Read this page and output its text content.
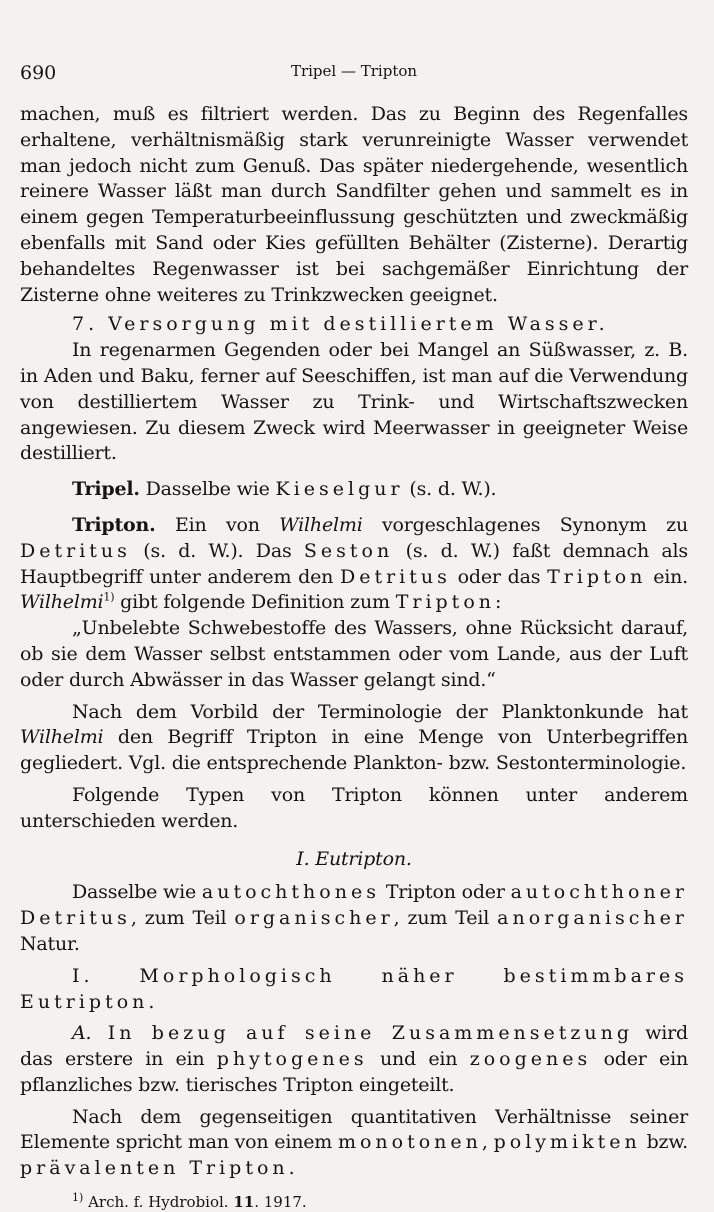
690	Tripel — Tripton

machen, muß es filtriert werden. Das zu Beginn des Regenfalles erhaltene, verhältnismäßig stark verunreinigte Wasser verwendet man jedoch nicht zum Genuß. Das später niedergehende, wesentlich reinere Wasser läßt man durch Sandfilter gehen und sammelt es in einem gegen Temperaturbeeinflussung geschützten und zweckmäßig ebenfalls mit Sand oder Kies gefüllten Behälter (Zisterne). Derartig behandeltes Regenwasser ist bei sachgemäßer Einrichtung der Zisterne ohne weiteres zu Trinkzwecken geeignet.

7. Versorgung mit destilliertem Wasser.

In regenarmen Gegenden oder bei Mangel an Süßwasser, z. B. in Aden und Baku, ferner auf Seeschiffen, ist man auf die Verwendung von destilliertem Wasser zu Trink- und Wirtschaftszwecken angewiesen. Zu diesem Zweck wird Meerwasser in geeigneter Weise destilliert.

Tripel. Dasselbe wie Kieselgur (s. d. W.).

Tripton. Ein von Wilhelmi vorgeschlagenes Synonym zu Detritus (s. d. W.). Das Seston (s. d. W.) faßt demnach als Hauptbegriff unter anderem den Detritus oder das Tripton ein. Wilhelmi$^{1)}$ gibt folgende Definition zum Tripton:

„Unbelebte Schwebestoffe des Wassers, ohne Rücksicht darauf, ob sie dem Wasser selbst entstammen oder vom Lande, aus der Luft oder durch Abwässer in das Wasser gelangt sind.“

Nach dem Vorbild der Terminologie der Planktonkunde hat Wilhelmi den Begriff Tripton in eine Menge von Unterbegriffen gegliedert. Vgl. die entsprechende Plankton- bzw. Sestonterminologie.

Folgende Typen von Tripton können unter anderem unterschieden werden.

I. Eutripton.

Dasselbe wie autochthones Tripton oder autochthoner Detritus, zum Teil organischer, zum Teil anorganischer Natur.

I. Morphologisch näher bestimmbares Eutripton.

A. In bezug auf seine Zusammensetzung wird das erstere in ein phytogenes und ein zoogenes oder ein pflanzliches bzw. tierisches Tripton eingeteilt.

Nach dem gegenseitigen quantitativen Verhältnisse seiner Elemente spricht man von einem monotonen, polymikten bzw. prävalenten Tripton.

$^{1)}$ Arch. f. Hydrobiol. 11. 1917.
